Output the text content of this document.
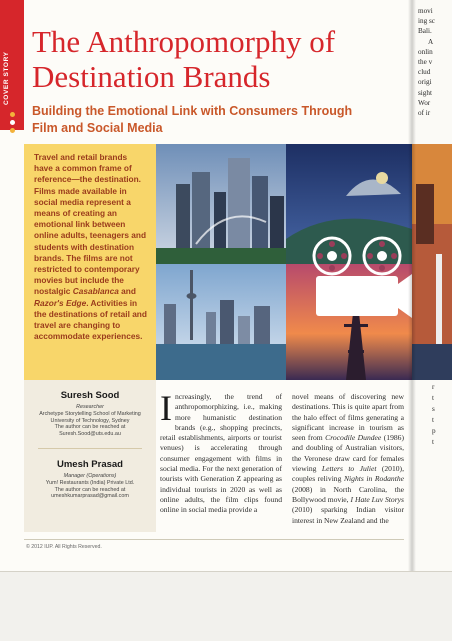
COVER STORY
The Anthropomorphy of Destination Brands
Building the Emotional Link with Consumers Through Film and Social Media

Travel and retail brands have a common frame of reference—the destination. Films made available in social media represent a means of creating an emotional link between online adults, teenagers and students with destination brands. The films are not restricted to contemporary movies but include the nostalgic Casablanca and Razor's Edge. Activities in the destinations of retail and travel are changing to accommodate experiences.

Suresh Sood
Researcher
Archetype Storytelling School of Marketing
University of Technology, Sydney
The author can be reached at
Suresh.Sood@uts.edu.au
Umesh Prasad
Manager (Operations)
Yum! Restaurants (India) Private Ltd.
The author can be reached at
umeshkumarprasad@gmail.com

Increasingly, the trend of anthropomorphizing, i.e., making more humanistic destination brands (e.g., shopping precincts, retail establishments, airports or tourist venues) is accelerating through consumer engagement with films in social media. For the next generation of tourists with Generation Z appearing as individual tourists in 2020 as well as online adults, the film clips found online in social media provide a

novel means of discovering new destinations. This is quite apart from the halo effect of films generating a significant increase in tourism as seen from Crocodile Dundee (1986) and doubling of Australian visitors, the Veronese draw card for females viewing Letters to Juliet (2010), couples reliving Nights in Rodanthe (2008) in North Carolina, the Bollywood movie, I Hate Luv Storys (2010) sparking Indian visitor interest in New Zealand and the

© 2012 IUP. All Rights Reserved.

movi
ing sc
Bali.
A
onlin
the v
clud
origi
sight
Wor
of ir
r
t
s
t
p
t
